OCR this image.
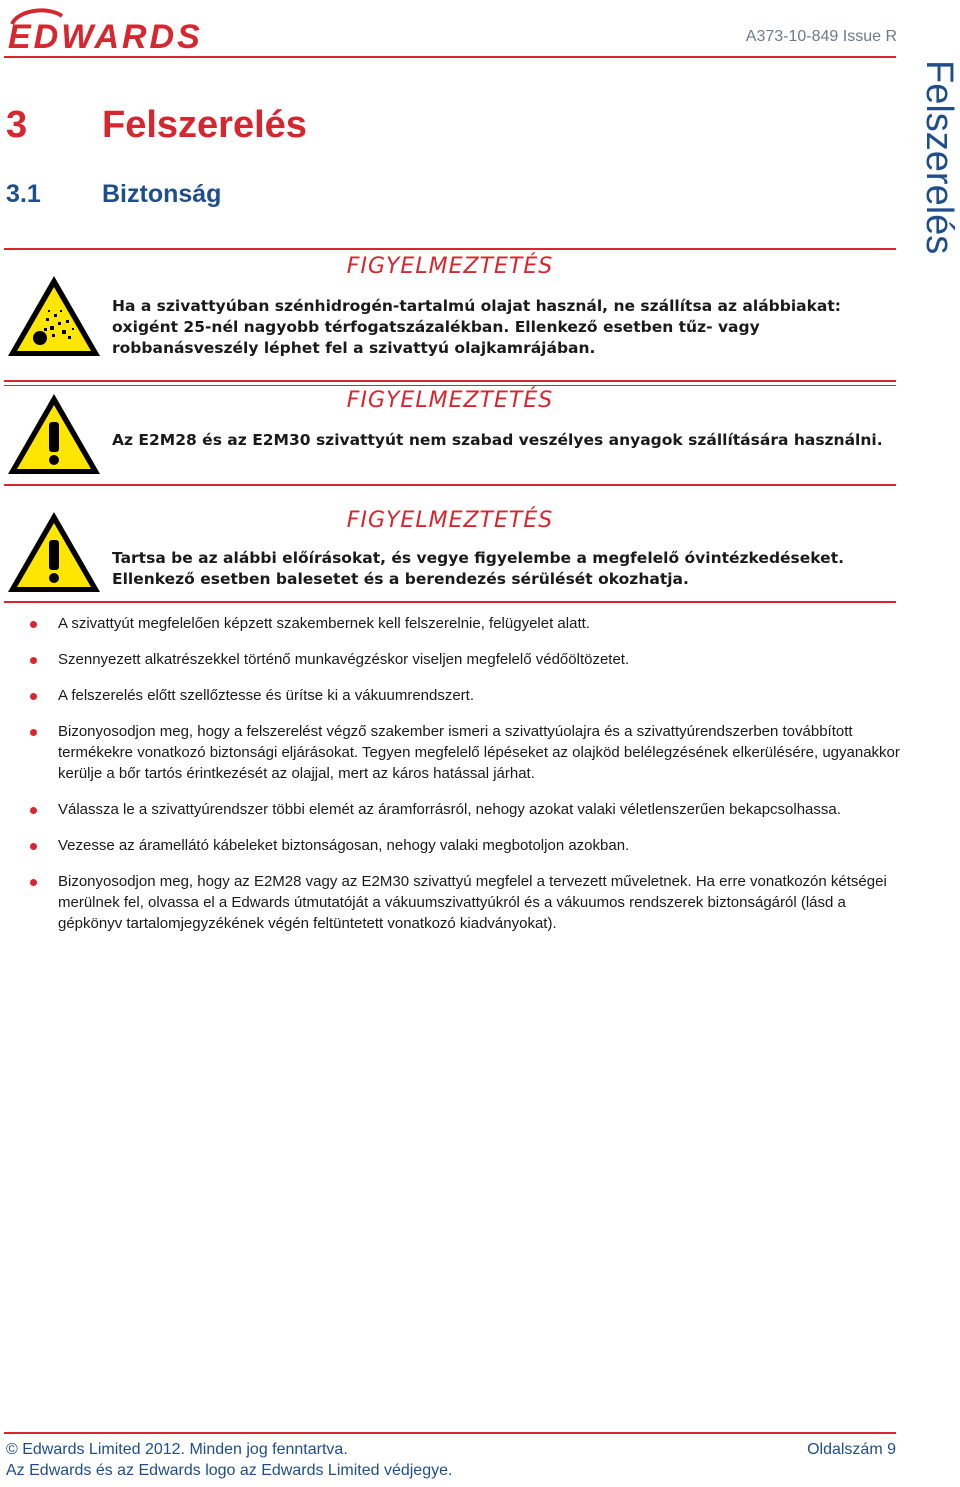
EDWARDS	A373-10-849 Issue R
Felszerelés
3 Felszerelés
3.1 Biztonság
FIGYELMEZTETÉS
Ha a szivattyúban szénhidrogén-tartalmú olajat használ, ne szállítsa az alábbiakat: oxigént 25-nél nagyobb térfogatszázalékban. Ellenkező esetben tűz- vagy robbanásveszély léphet fel a szivattyú olajkamrájában.
FIGYELMEZTETÉS
Az E2M28 és az E2M30 szivattyút nem szabad veszélyes anyagok szállítására használni.
FIGYELMEZTETÉS
Tartsa be az alábbi előírásokat, és vegye figyelembe a megfelelő óvintézkedéseket. Ellenkező esetben balesetet és a berendezés sérülését okozhatja.
A szivattyút megfelelően képzett szakembernek kell felszerelnie, felügyelet alatt.
Szennyezett alkatrészekkel történő munkavégzéskor viseljen megfelelő védőöltözetet.
A felszerelés előtt szellőztesse és ürítse ki a vákuumrendszert.
Bizonyosodjon meg, hogy a felszerelést végző szakember ismeri a szivattyúolajra és a szivattyúrendszerben továbbított termékekre vonatkozó biztonsági eljárásokat. Tegyen megfelelő lépéseket az olajköd belélegzésének elkerülésére, ugyanakkor kerülje a bőr tartós érintkezését az olajjal, mert az káros hatással járhat.
Válassza le a szivattyúrendszer többi elemét az áramforrásról, nehogy azokat valaki véletlenszerűen bekapcsolhassa.
Vezesse az áramellátó kábeleket biztonságosan, nehogy valaki megbotoljon azokban.
Bizonyosodjon meg, hogy az E2M28 vagy az E2M30 szivattyú megfelel a tervezett műveletnek. Ha erre vonatkozón kétségei merülnek fel, olvassa el a Edwards útmutatóját a vákuumszivattyúkról és a vákuumos rendszerek biztonságáról (lásd a gépkönyv tartalomjegyzékének végén feltüntetett vonatkozó kiadványokat).
© Edwards Limited 2012. Minden jog fenntartva.
Az Edwards és az Edwards logo az Edwards Limited védjegye.
Oldalszám 9
